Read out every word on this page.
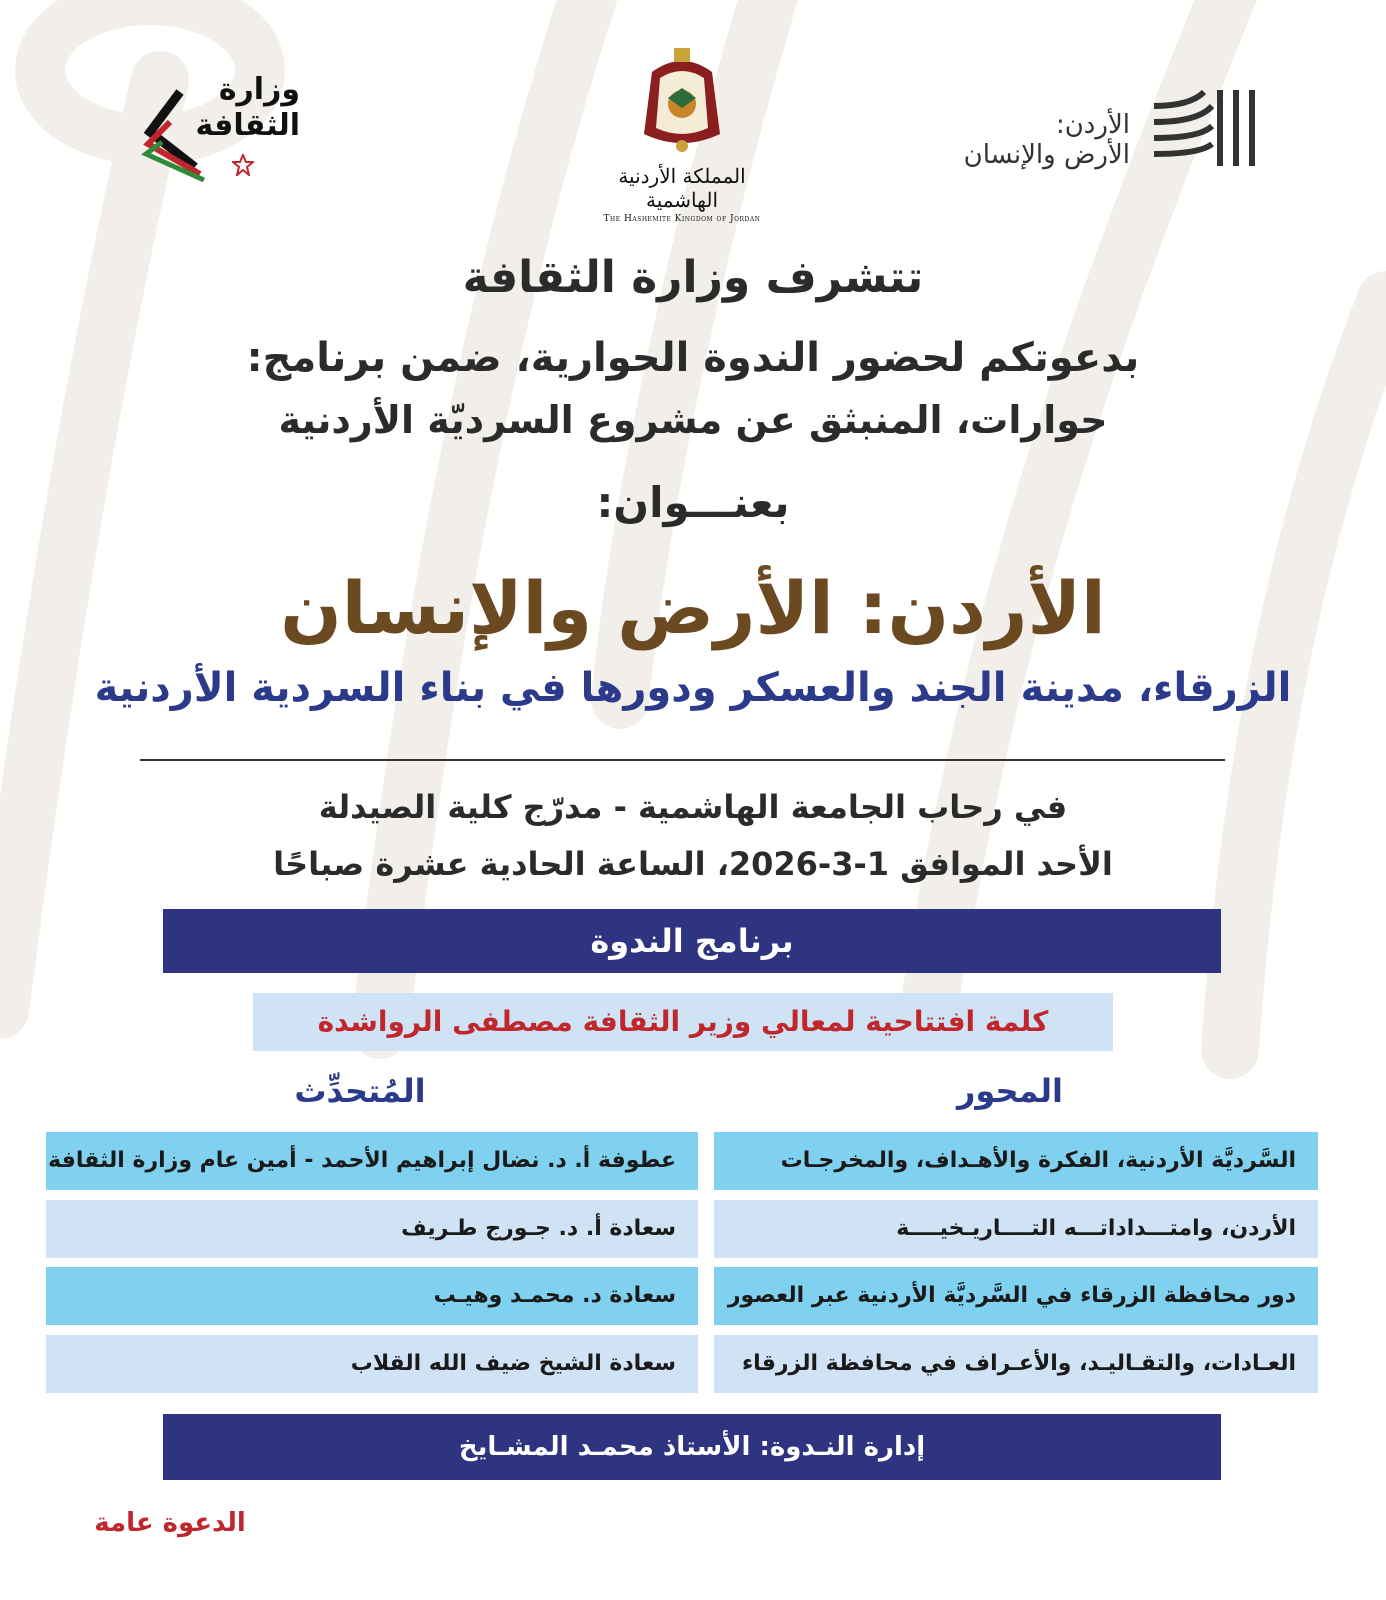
وزارة
الثقافة
المملكة الأردنية الهاشمية
The Hashemite Kingdom of Jordan
الأردن:
الأرض والإنسان
تتشرف وزارة الثقافة
بدعوتكم لحضور الندوة الحوارية، ضمن برنامج:
حوارات، المنبثق عن مشروع السرديّة الأردنية
بعنـــوان:
الأردن: الأرض والإنسان
الزرقاء، مدينة الجند والعسكر ودورها في بناء السردية الأردنية
في رحاب الجامعة الهاشمية - مدرّج كلية الصيدلة
الأحد الموافق 1-3-2026، الساعة الحادية عشرة صباحًا
برنامج الندوة
كلمة افتتاحية لمعالي وزير الثقافة مصطفى الرواشدة
المحور
المُتحدِّث
السَّرديَّة الأردنية، الفكرة والأهـداف، والمخرجـات
الأردن، وامتـــداداتـــه التــــاريـخيــــة
دور محافظة الزرقاء في السَّرديَّة الأردنية عبر العصور
العـادات، والتقـاليـد، والأعـراف في محافظة الزرقاء
عطوفة أ. د. نضال إبراهيم الأحمد - أمين عام وزارة الثقافة
سعادة أ. د. جـورج طـريف
سعادة د. محمـد وهيـب
سعادة الشيخ ضيف الله القلاب
إدارة النـدوة: الأستاذ محمـد المشـايخ
الدعوة عامة
